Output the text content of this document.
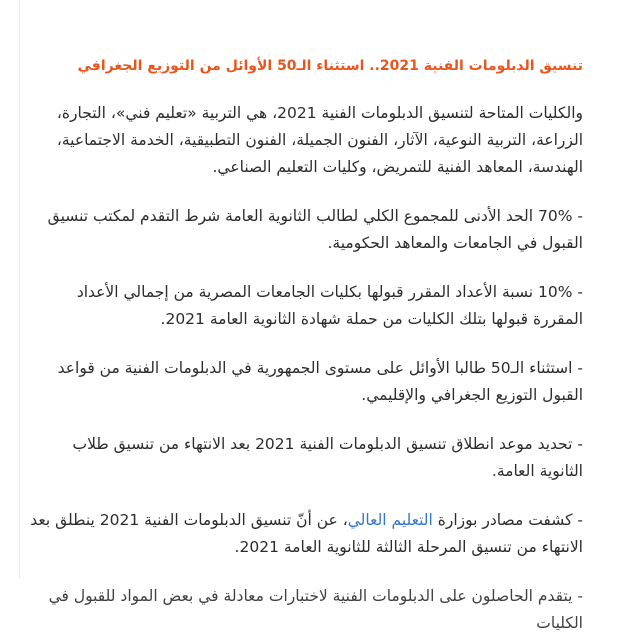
تنسيق الدبلومات الفنية 2021.. استثناء الـ50 الأوائل من التوزيع الجغرافي

والكليات المتاحة لتنسيق الدبلومات الفنية 2021، هي التربية «تعليم فني»، التجارة، الزراعة، التربية النوعية، الآثار، الفنون الجميلة، الفنون التطبيقية، الخدمة الاجتماعية، الهندسة، المعاهد الفنية للتمريض، وكليات التعليم الصناعي.

- 70% الحد الأدنى للمجموع الكلي لطالب الثانوية العامة شرط التقدم لمكتب تنسيق القبول في الجامعات والمعاهد الحكومية.

- 10% نسبة الأعداد المقرر قبولها بكليات الجامعات المصرية من إجمالي الأعداد المقررة قبولها بتلك الكليات من حملة شهادة الثانوية العامة 2021.

- استثناء الـ50 طالبا الأوائل على مستوى الجمهورية في الدبلومات الفنية من قواعد القبول التوزيع الجغرافي والإقليمي.

- تحديد موعد انطلاق تنسيق الدبلومات الفنية 2021 بعد الانتهاء من تنسيق طلاب الثانوية العامة.

- كشفت مصادر بوزارة التعليم العالي، عن أنّ تنسيق الدبلومات الفنية 2021 ينطلق بعد الانتهاء من تنسيق المرحلة الثالثة للثانوية العامة 2021.

- يتقدم الحاصلون على الدبلومات الفنية لاختبارات معادلة في بعض المواد للقبول في الكليات
